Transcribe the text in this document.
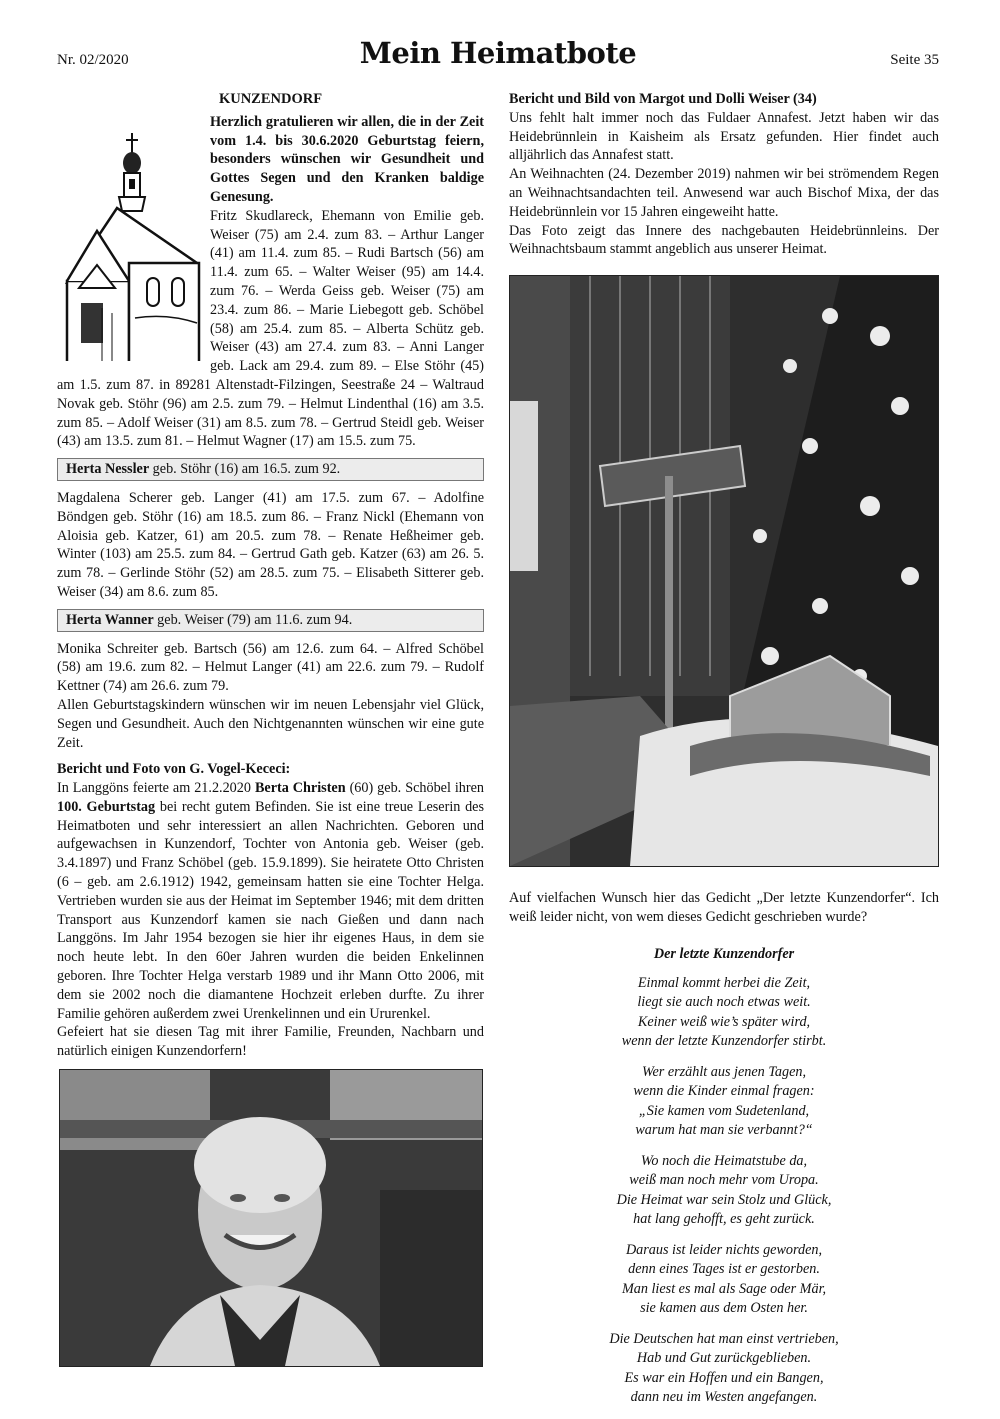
Nr. 02/2020	Mein Heimatbote	Seite 35
KUNZENDORF

Herzlich gratulieren wir allen, die in der Zeit vom 1.4. bis 30.6.2020 Geburtstag feiern, besonders wünschen wir Gesundheit und Gottes Segen und den Kranken baldige Genesung.

Fritz Skudlareck, Ehemann von Emilie geb. Weiser (75) am 2.4. zum 83. – Arthur Langer (41) am 11.4. zum 85. – Rudi Bartsch (56) am 11.4. zum 65. – Walter Weiser (95) am 14.4. zum 76. – Werda Geiss geb. Weiser (75) am 23.4. zum 86. – Marie Liebegott geb. Schöbel (58) am 25.4. zum 85. – Alberta Schütz geb. Weiser (43) am 27.4. zum 83. – Anni Langer geb. Lack am 29.4. zum 89. – Else Stöhr (45) am 1.5. zum 87. in 89281 Altenstadt-Filzingen, Seestraße 24 – Waltraud Novak geb. Stöhr (96) am 2.5. zum 79. – Helmut Lindenthal (16) am 3.5. zum 85. – Adolf Weiser (31) am 8.5. zum 78. – Gertrud Steidl geb. Weiser (43) am 13.5. zum 81. – Helmut Wagner (17) am 15.5. zum 75.

Herta Nessler geb. Stöhr (16) am 16.5. zum 92.

Magdalena Scherer geb. Langer (41) am 17.5. zum 67. – Adolfine Böndgen geb. Stöhr (16) am 18.5. zum 86. – Franz Nickl (Ehemann von Aloisia geb. Katzer, 61) am 20.5. zum 78. – Renate Heßheimer geb. Winter (103) am 25.5. zum 84. – Gertrud Gath geb. Katzer (63) am 26. 5. zum 78. – Gerlinde Stöhr (52) am 28.5. zum 75. – Elisabeth Sitterer geb. Weiser (34) am 8.6. zum 85.

Herta Wanner geb. Weiser (79) am 11.6. zum 94.

Monika Schreiter geb. Bartsch (56) am 12.6. zum 64. – Alfred Schöbel (58) am 19.6. zum 82. – Helmut Langer (41) am 22.6. zum 79. – Rudolf Kettner (74) am 26.6. zum 79.

Allen Geburtstagskindern wünschen wir im neuen Lebensjahr viel Glück, Segen und Gesundheit. Auch den Nichtgenannten wünschen wir eine gute Zeit.

Bericht und Foto von G. Vogel-Kececi:

In Langgöns feierte am 21.2.2020 Berta Christen (60) geb. Schöbel ihren 100. Geburtstag bei recht gutem Befinden. Sie ist eine treue Leserin des Heimatboten und sehr interessiert an allen Nachrichten. Geboren und aufgewachsen in Kunzendorf, Tochter von Antonia geb. Weiser (geb. 3.4.1897) und Franz Schöbel (geb. 15.9.1899). Sie heiratete Otto Christen (6 – geb. am 2.6.1912) 1942, gemeinsam hatten sie eine Tochter Helga. Vertrieben wurden sie aus der Heimat im September 1946; mit dem dritten Transport aus Kunzendorf kamen sie nach Gießen und dann nach Langgöns. Im Jahr 1954 bezogen sie hier ihr eigenes Haus, in dem sie noch heute lebt. In den 60er Jahren wurden die beiden Enkelinnen geboren. Ihre Tochter Helga verstarb 1989 und ihr Mann Otto 2006, mit dem sie 2002 noch die diamantene Hochzeit erleben durfte. Zu ihrer Familie gehören außerdem zwei Urenkelinnen und ein Ururenkel.

Gefeiert hat sie diesen Tag mit ihrer Familie, Freunden, Nachbarn und natürlich einigen Kunzendorfern!

Bericht und Bild von Margot und Dolli Weiser (34)

Uns fehlt halt immer noch das Fuldaer Annafest. Jetzt haben wir das Heidebrünnlein in Kaisheim als Ersatz gefunden. Hier findet auch alljährlich das Annafest statt.

An Weihnachten (24. Dezember 2019) nahmen wir bei strömendem Regen an Weihnachtsandachten teil. Anwesend war auch Bischof Mixa, der das Heidebrünnlein vor 15 Jahren eingeweiht hatte.

Das Foto zeigt das Innere des nachgebauten Heidebrünnleins. Der Weihnachtsbaum stammt angeblich aus unserer Heimat.

Auf vielfachen Wunsch hier das Gedicht „Der letzte Kunzendorfer“. Ich weiß leider nicht, von wem dieses Gedicht geschrieben wurde?

Der letzte Kunzendorfer

Einmal kommt herbei die Zeit,

liegt sie auch noch etwas weit.

Keiner weiß wie’s später wird,

wenn der letzte Kunzendorfer stirbt.

Wer erzählt aus jenen Tagen,

wenn die Kinder einmal fragen:

„Sie kamen vom Sudetenland,

warum hat man sie verbannt?“

Wo noch die Heimatstube da,

weiß man noch mehr vom Uropa.

Die Heimat war sein Stolz und Glück,

hat lang gehofft, es geht zurück.

Daraus ist leider nichts geworden,

denn eines Tages ist er gestorben.

Man liest es mal als Sage oder Mär,

sie kamen aus dem Osten her.

Die Deutschen hat man einst vertrieben,

Hab und Gut zurückgeblieben.

Es war ein Hoffen und ein Bangen,

dann neu im Westen angefangen.
